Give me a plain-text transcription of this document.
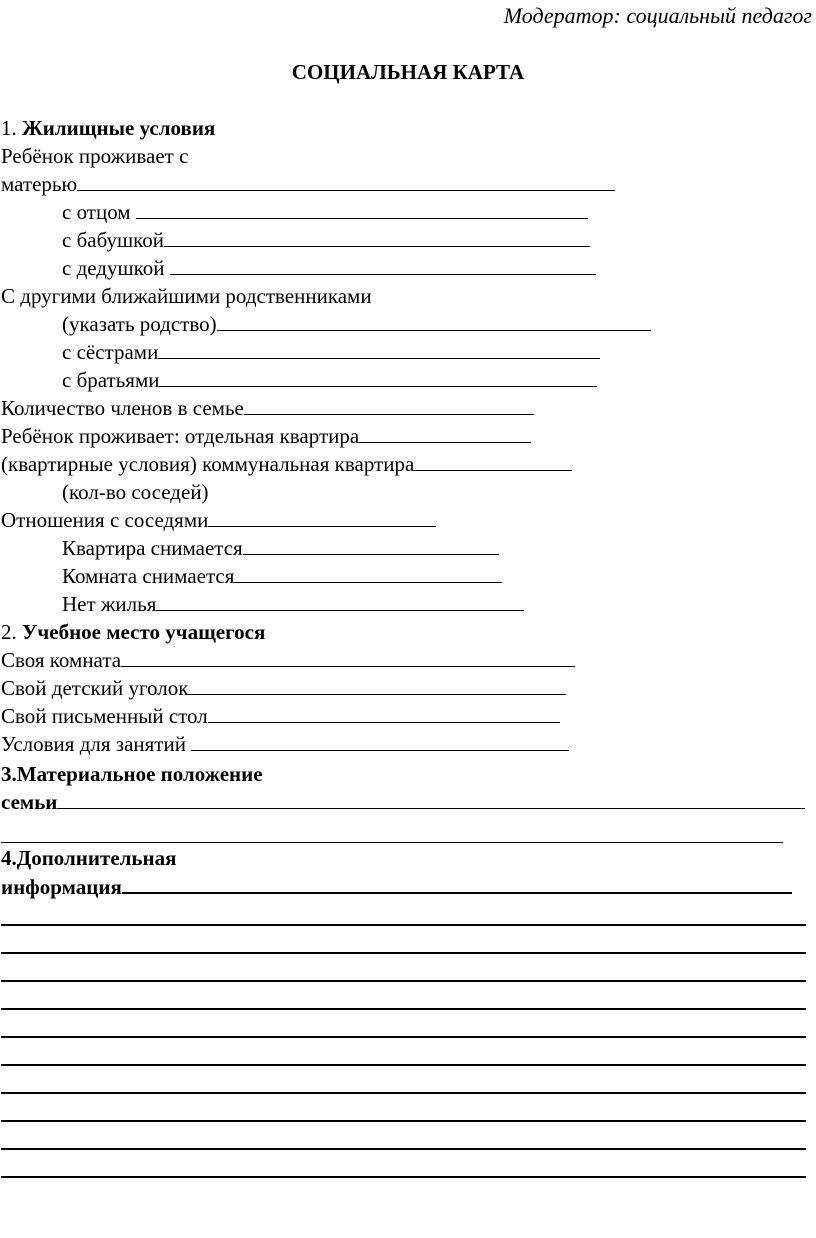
Модератор: социальный педагог
СОЦИАЛЬНАЯ КАРТА
1. Жилищные условия
Ребёнок проживает с
матерью
с отцом
с бабушкой
с дедушкой
С другими ближайшими родственниками
(указать родство)
с сёстрами
с братьями
Количество членов в семье
Ребёнок проживает: отдельная квартира
(квартирные условия) коммунальная квартира
(кол-во соседей)
Отношения с соседями
Квартира снимается
Комната снимается
Нет жилья
2. Учебное место учащегося
Своя комната
Свой детский уголок
Свой письменный стол
Условия для занятий
3.Материальное положение
семьи
4.Дополнительная
информация
